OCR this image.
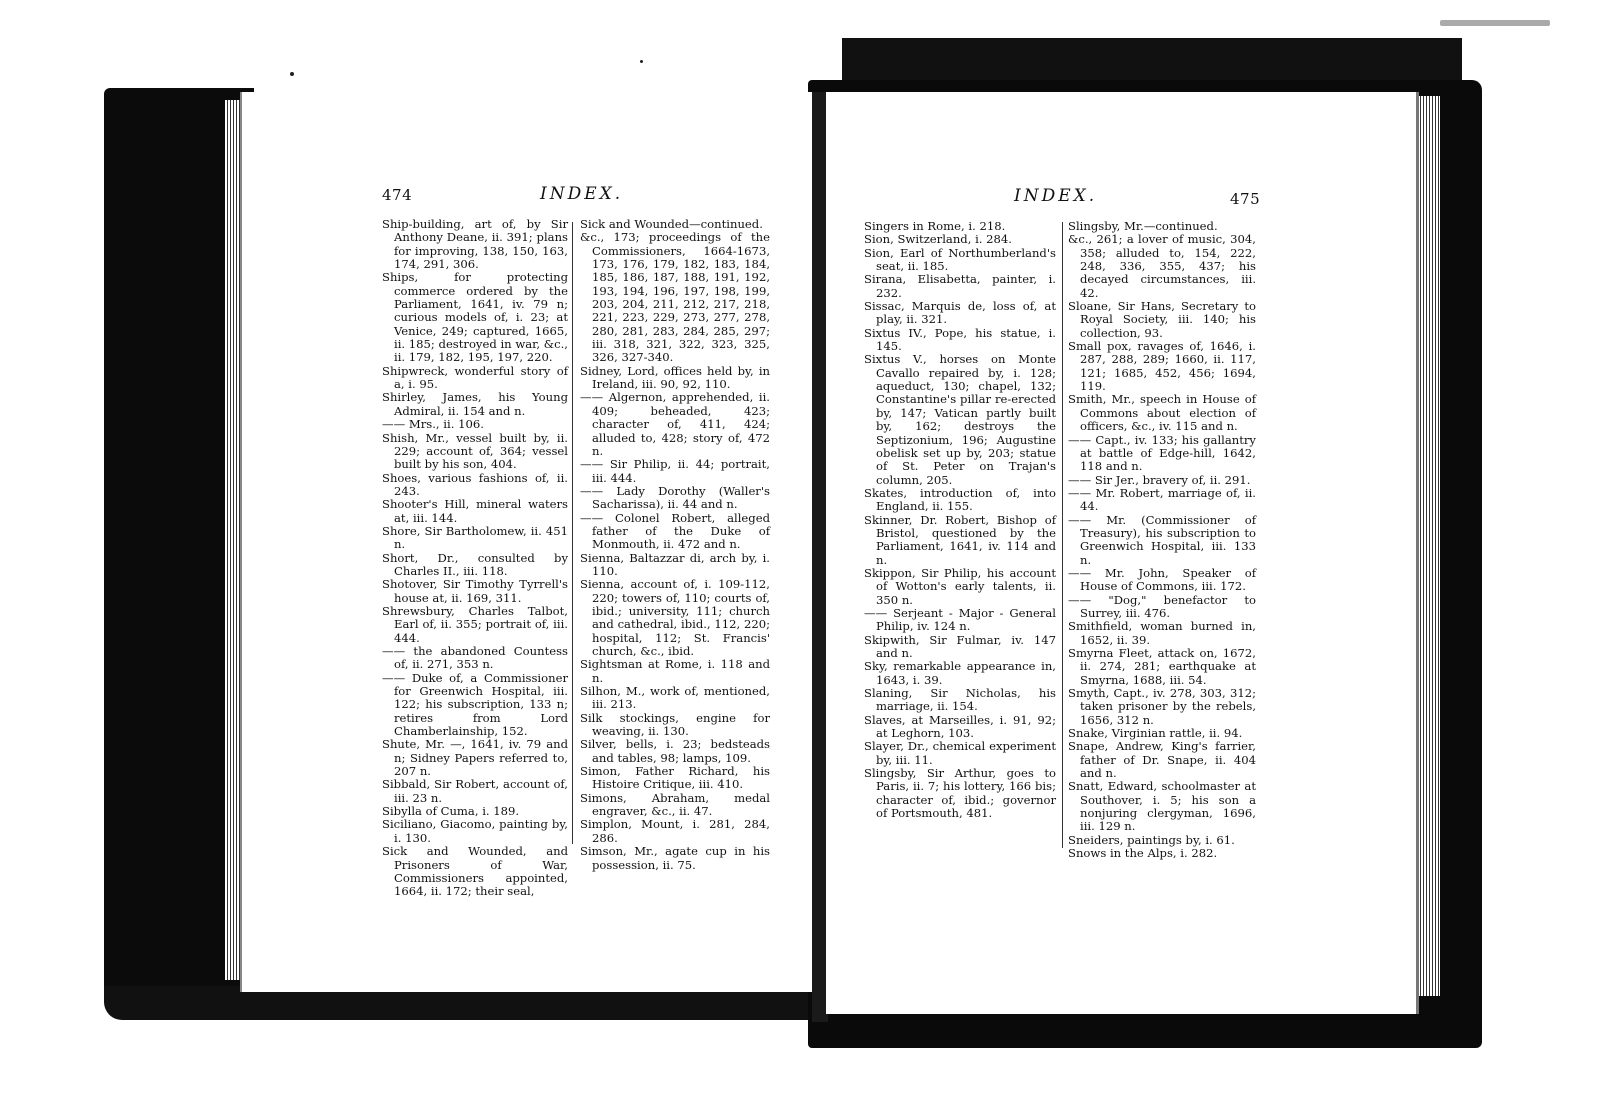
474	INDEX.

Ship-building, art of, by Sir Anthony Deane, ii. 391; plans for improving, 138, 150, 163, 174, 291, 306.

Ships, for protecting commerce ordered by the Parliament, 1641, iv. 79 n; curious models of, i. 23; at Venice, 249; captured, 1665, ii. 185; destroyed in war, &c., ii. 179, 182, 195, 197, 220.

Shipwreck, wonderful story of a, i. 95.

Shirley, James, his Young Admiral, ii. 154 and n.

—— Mrs., ii. 106.

Shish, Mr., vessel built by, ii. 229; account of, 364; vessel built by his son, 404.

Shoes, various fashions of, ii. 243.

Shooter's Hill, mineral waters at, iii. 144.

Shore, Sir Bartholomew, ii. 451 n.

Short, Dr., consulted by Charles II., iii. 118.

Shotover, Sir Timothy Tyrrell's house at, ii. 169, 311.

Shrewsbury, Charles Talbot, Earl of, ii. 355; portrait of, iii. 444.

—— the abandoned Countess of, ii. 271, 353 n.

—— Duke of, a Commissioner for Greenwich Hospital, iii. 122; his subscription, 133 n; retires from Lord Chamberlainship, 152.

Shute, Mr. —, 1641, iv. 79 and n; Sidney Papers referred to, 207 n.

Sibbald, Sir Robert, account of, iii. 23 n.

Sibylla of Cuma, i. 189.

Siciliano, Giacomo, painting by, i. 130.

Sick and Wounded, and Prisoners of War, Commissioners appointed, 1664, ii. 172; their seal,

Sick and Wounded—continued.

&c., 173; proceedings of the Commissioners, 1664-1673, 173, 176, 179, 182, 183, 184, 185, 186, 187, 188, 191, 192, 193, 194, 196, 197, 198, 199, 203, 204, 211, 212, 217, 218, 221, 223, 229, 273, 277, 278, 280, 281, 283, 284, 285, 297; iii. 318, 321, 322, 323, 325, 326, 327-340.

Sidney, Lord, offices held by, in Ireland, iii. 90, 92, 110.

—— Algernon, apprehended, ii. 409; beheaded, 423; character of, 411, 424; alluded to, 428; story of, 472 n.

—— Sir Philip, ii. 44; portrait, iii. 444.

—— Lady Dorothy (Waller's Sacharissa), ii. 44 and n.

—— Colonel Robert, alleged father of the Duke of Monmouth, ii. 472 and n.

Sienna, Baltazzar di, arch by, i. 110.

Sienna, account of, i. 109-112, 220; towers of, 110; courts of, ibid.; university, 111; church and cathedral, ibid., 112, 220; hospital, 112; St. Francis' church, &c., ibid.

Sightsman at Rome, i. 118 and n.

Silhon, M., work of, mentioned, iii. 213.

Silk stockings, engine for weaving, ii. 130.

Silver, bells, i. 23; bedsteads and tables, 98; lamps, 109.

Simon, Father Richard, his Histoire Critique, iii. 410.

Simons, Abraham, medal engraver, &c., ii. 47.

Simplon, Mount, i. 281, 284, 286.

Simson, Mr., agate cup in his possession, ii. 75.

INDEX.	475

Singers in Rome, i. 218.

Sion, Switzerland, i. 284.

Sion, Earl of Northumberland's seat, ii. 185.

Sirana, Elisabetta, painter, i. 232.

Sissac, Marquis de, loss of, at play, ii. 321.

Sixtus IV., Pope, his statue, i. 145.

Sixtus V., horses on Monte Cavallo repaired by, i. 128; aqueduct, 130; chapel, 132; Constantine's pillar re-erected by, 147; Vatican partly built by, 162; destroys the Septizonium, 196; Augustine obelisk set up by, 203; statue of St. Peter on Trajan's column, 205.

Skates, introduction of, into England, ii. 155.

Skinner, Dr. Robert, Bishop of Bristol, questioned by the Parliament, 1641, iv. 114 and n.

Skippon, Sir Philip, his account of Wotton's early talents, ii. 350 n.

—— Serjeant - Major - General Philip, iv. 124 n.

Skipwith, Sir Fulmar, iv. 147 and n.

Sky, remarkable appearance in, 1643, i. 39.

Slaning, Sir Nicholas, his marriage, ii. 154.

Slaves, at Marseilles, i. 91, 92; at Leghorn, 103.

Slayer, Dr., chemical experiment by, iii. 11.

Slingsby, Sir Arthur, goes to Paris, ii. 7; his lottery, 166 bis; character of, ibid.; governor of Portsmouth, 481.

Slingsby, Mr.—continued.

&c., 261; a lover of music, 304, 358; alluded to, 154, 222, 248, 336, 355, 437; his decayed circumstances, iii. 42.

Sloane, Sir Hans, Secretary to Royal Society, iii. 140; his collection, 93.

Small pox, ravages of, 1646, i. 287, 288, 289; 1660, ii. 117, 121; 1685, 452, 456; 1694, 119.

Smith, Mr., speech in House of Commons about election of officers, &c., iv. 115 and n.

—— Capt., iv. 133; his gallantry at battle of Edge-hill, 1642, 118 and n.

—— Sir Jer., bravery of, ii. 291.

—— Mr. Robert, marriage of, ii. 44.

—— Mr. (Commissioner of Treasury), his subscription to Greenwich Hospital, iii. 133 n.

—— Mr. John, Speaker of House of Commons, iii. 172.

—— "Dog," benefactor to Surrey, iii. 476.

Smithfield, woman burned in, 1652, ii. 39.

Smyrna Fleet, attack on, 1672, ii. 274, 281; earthquake at Smyrna, 1688, iii. 54.

Smyth, Capt., iv. 278, 303, 312; taken prisoner by the rebels, 1656, 312 n.

Snake, Virginian rattle, ii. 94.

Snape, Andrew, King's farrier, father of Dr. Snape, ii. 404 and n.

Snatt, Edward, schoolmaster at Southover, i. 5; his son a nonjuring clergyman, 1696, iii. 129 n.

Sneiders, paintings by, i. 61.

Snows in the Alps, i. 282.
